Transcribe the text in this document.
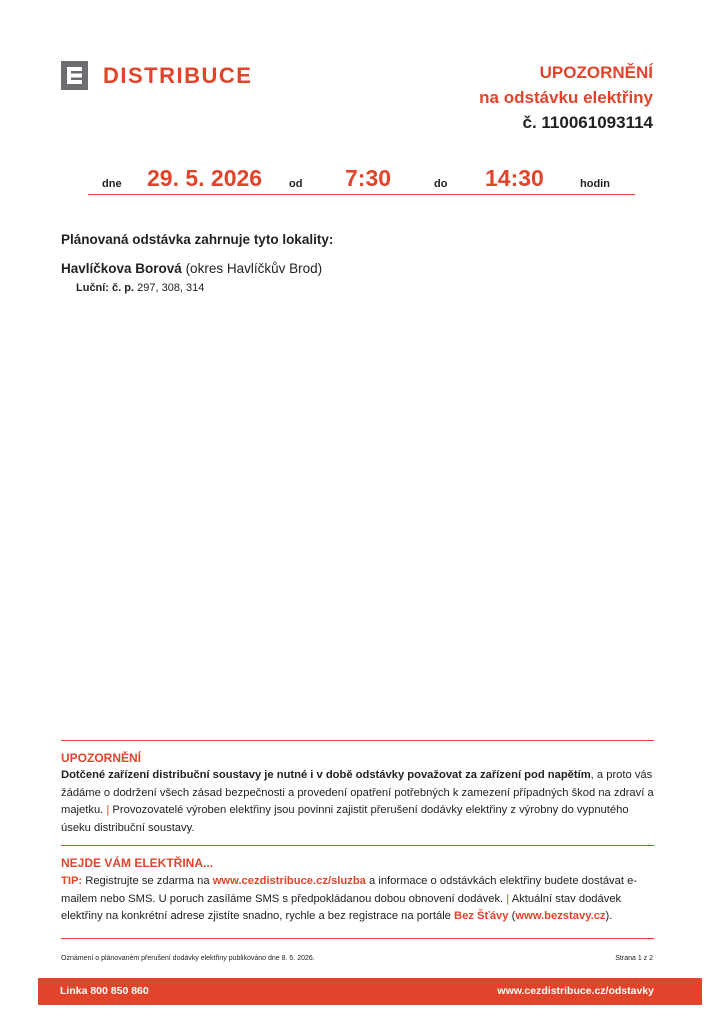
DISTRIBUCE	UPOZORNĚNÍ
na odstávku elektřiny
č. 110061093114
dne 29. 5. 2026 od 7:30	do 14:30	hodin
Plánovaná odstávka zahrnuje tyto lokality:
Havlíčkova Borová (okres Havlíčkův Brod)
Luční: č. p. 297, 308, 314
UPOZORNĚNÍ
Dotčené zařízení distribuční soustavy je nutné i v době odstávky považovat za zařízení pod napětím, a proto vás žádáme o dodržení všech zásad bezpečnosti a provedení opatření potřebných k zamezení případných škod na zdraví a majetku. | Provozovatelé výroben elektřiny jsou povinni zajistit přerušení dodávky elektřiny z výrobny do vypnutého úseku distribuční soustavy.
NEJDE VÁM ELEKTŘINA...
TIP: Registrujte se zdarma na www.cezdistribuce.cz/sluzba a informace o odstávkách elektřiny budete dostávat e-mailem nebo SMS. U poruch zasíláme SMS s předpokládanou dobou obnovení dodávek. | Aktuální stav dodávek elektřiny na konkrétní adrese zjistíte snadno, rychle a bez registrace na portále Bez Šťávy (www.bezstavy.cz).
Oznámení o plánovaném přerušení dodávky elektřiny publikováno dne 8. 5. 2026.	Strana 1 z 2
Linka 800 850 860	www.cezdistribuce.cz/odstavky
